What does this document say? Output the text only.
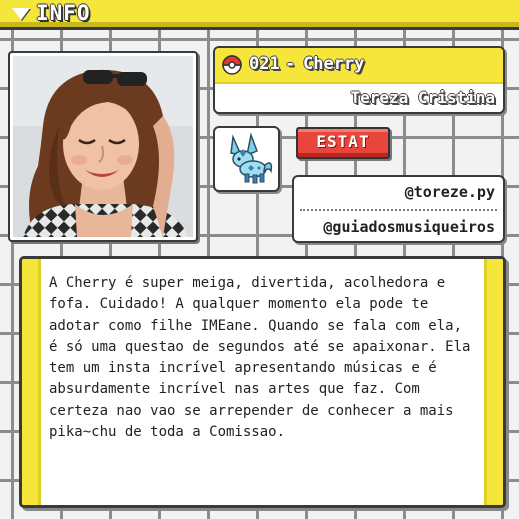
INFO
021 - Cherry
Tereza Cristina
ESTAT
@toreze.py
@guiadosmusiqueiros

A Cherry é super meiga, divertida, acolhedora e fofa. Cuidado! A qualquer momento ela pode te adotar como filhe IMEane. Quando se fala com ela, é só uma questao de segundos até se apaixonar. Ela tem um insta incrível apresentando músicas e é absurdamente incrível nas artes que faz. Com certeza nao vao se arrepender de conhecer a mais pika~chu de toda a Comissao.
